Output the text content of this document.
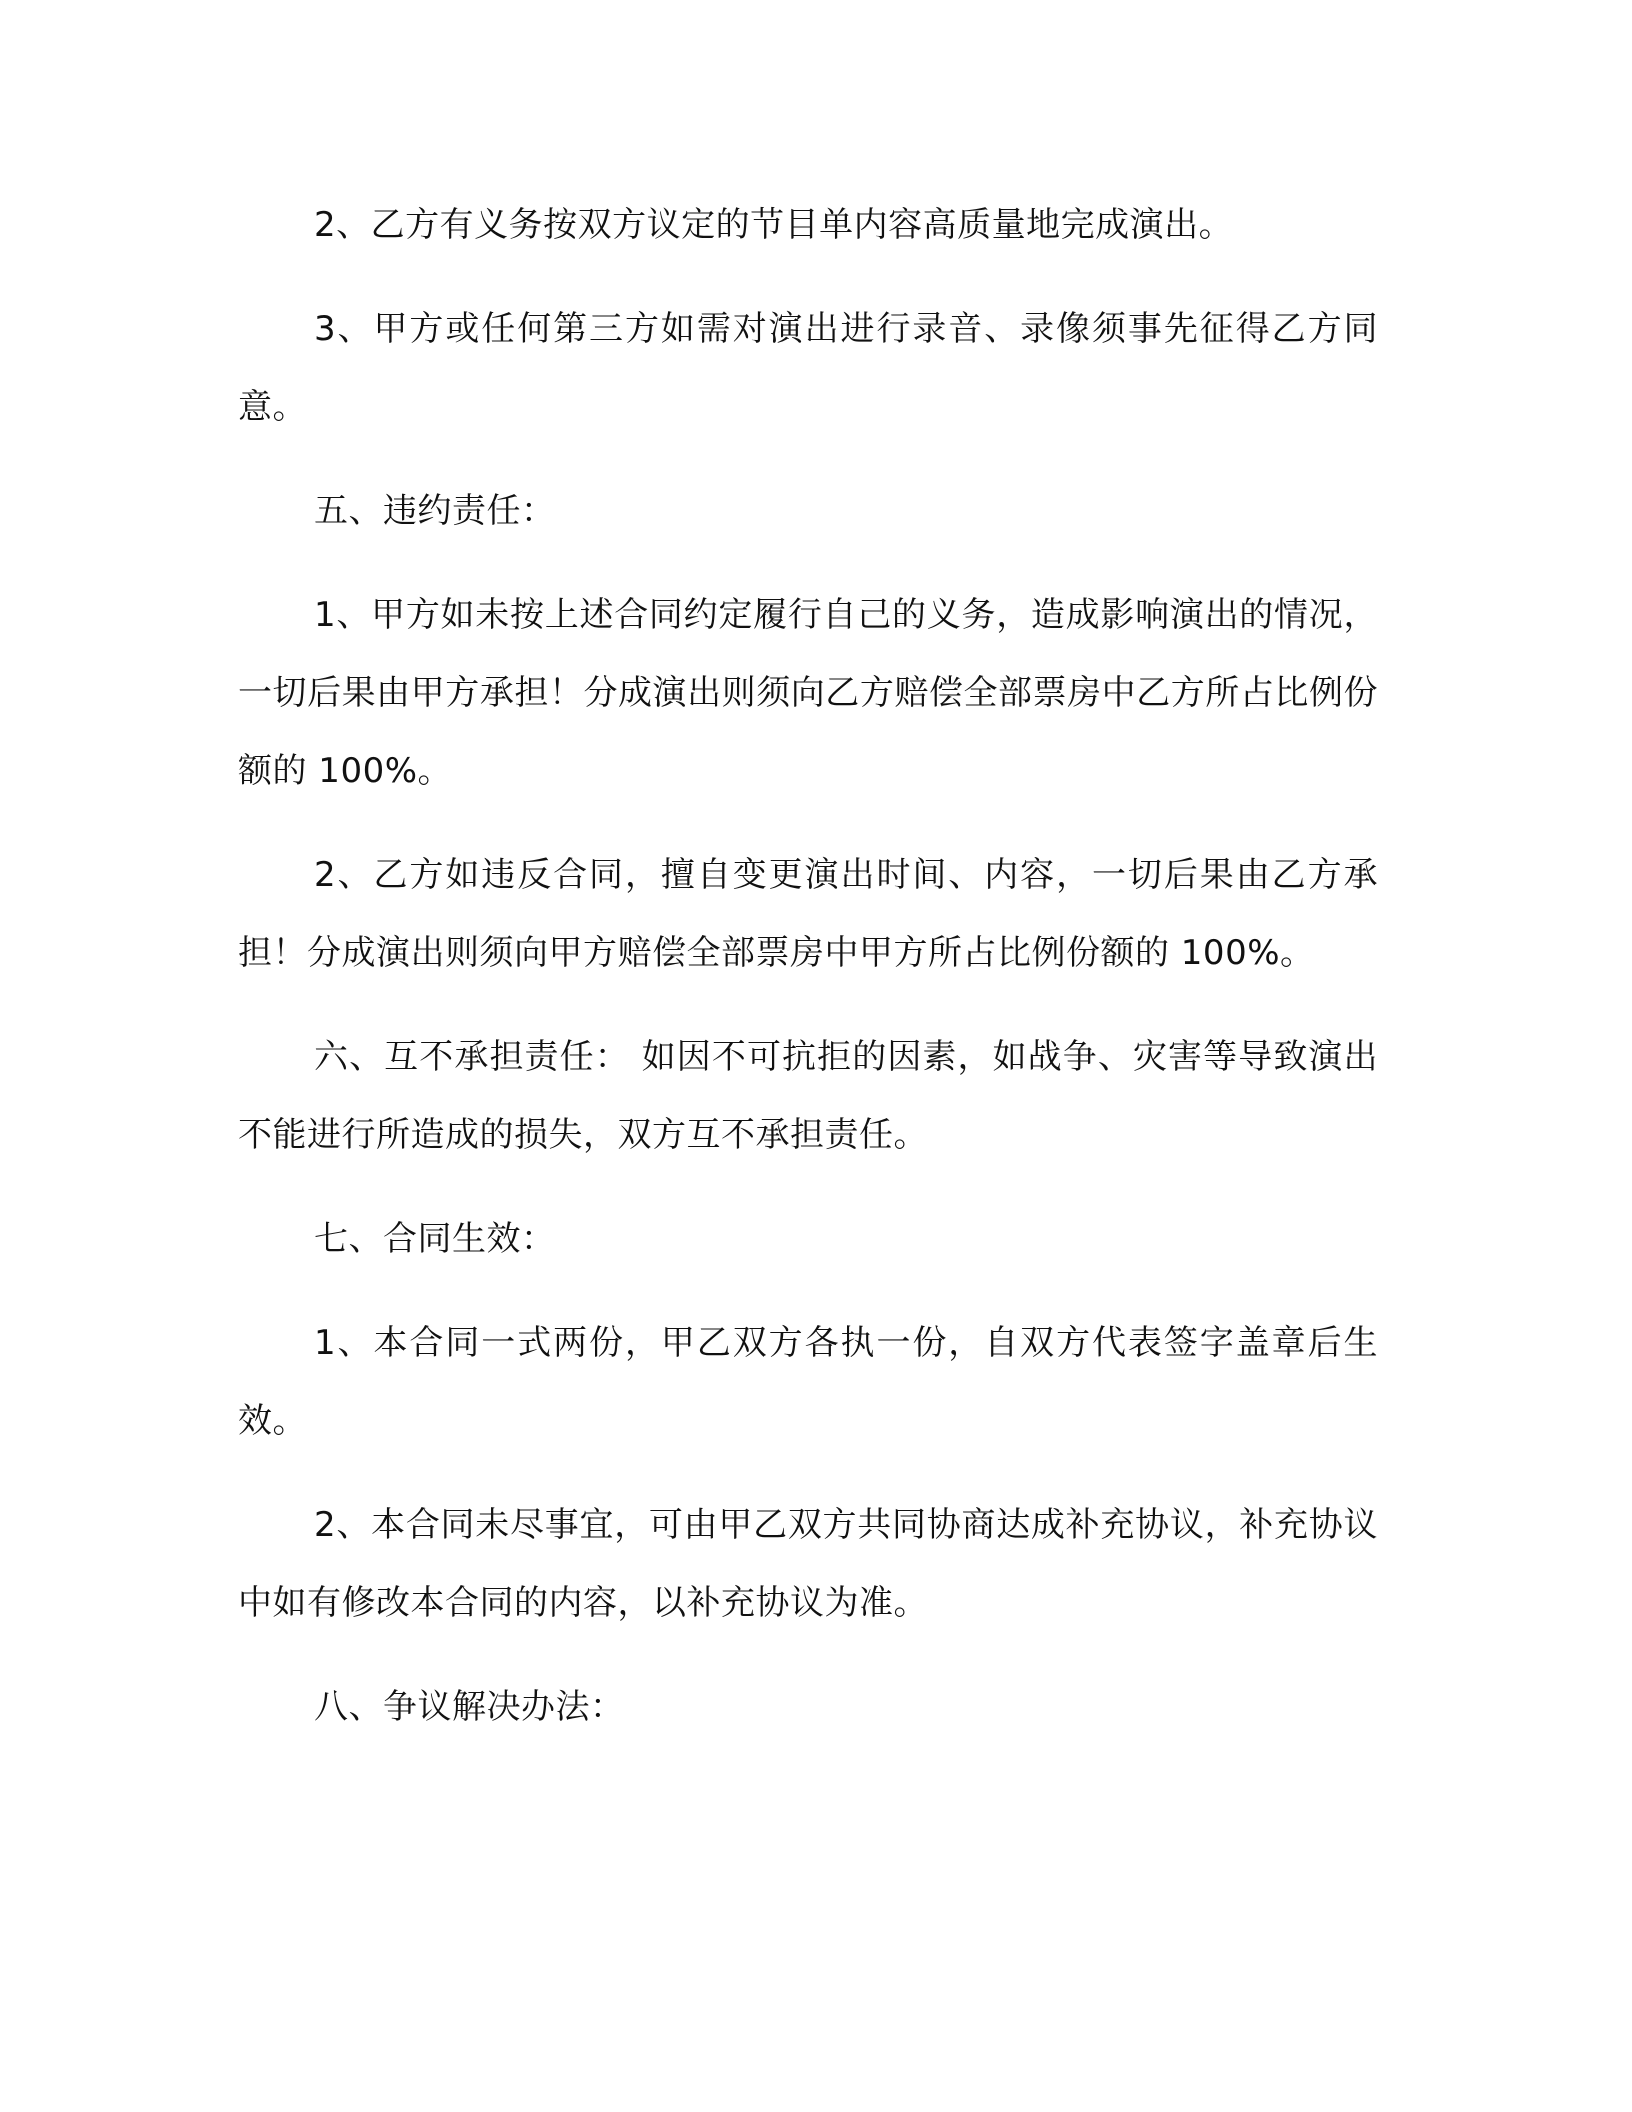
2、乙方有义务按双方议定的节目单内容高质量地完成演出。

3、甲方或任何第三方如需对演出进行录音、录像须事先征得乙方同意。

五、违约责任：

1、甲方如未按上述合同约定履行自己的义务，造成影响演出的情况，一切后果由甲方承担！分成演出则须向乙方赔偿全部票房中乙方所占比例份额的 100%。

2、乙方如违反合同，擅自变更演出时间、内容，一切后果由乙方承担！分成演出则须向甲方赔偿全部票房中甲方所占比例份额的 100%。

六、互不承担责任： 如因不可抗拒的因素，如战争、灾害等导致演出不能进行所造成的损失，双方互不承担责任。

七、合同生效：

1、本合同一式两份，甲乙双方各执一份，自双方代表签字盖章后生效。

2、本合同未尽事宜，可由甲乙双方共同协商达成补充协议，补充协议中如有修改本合同的内容，以补充协议为准。

八、争议解决办法：
